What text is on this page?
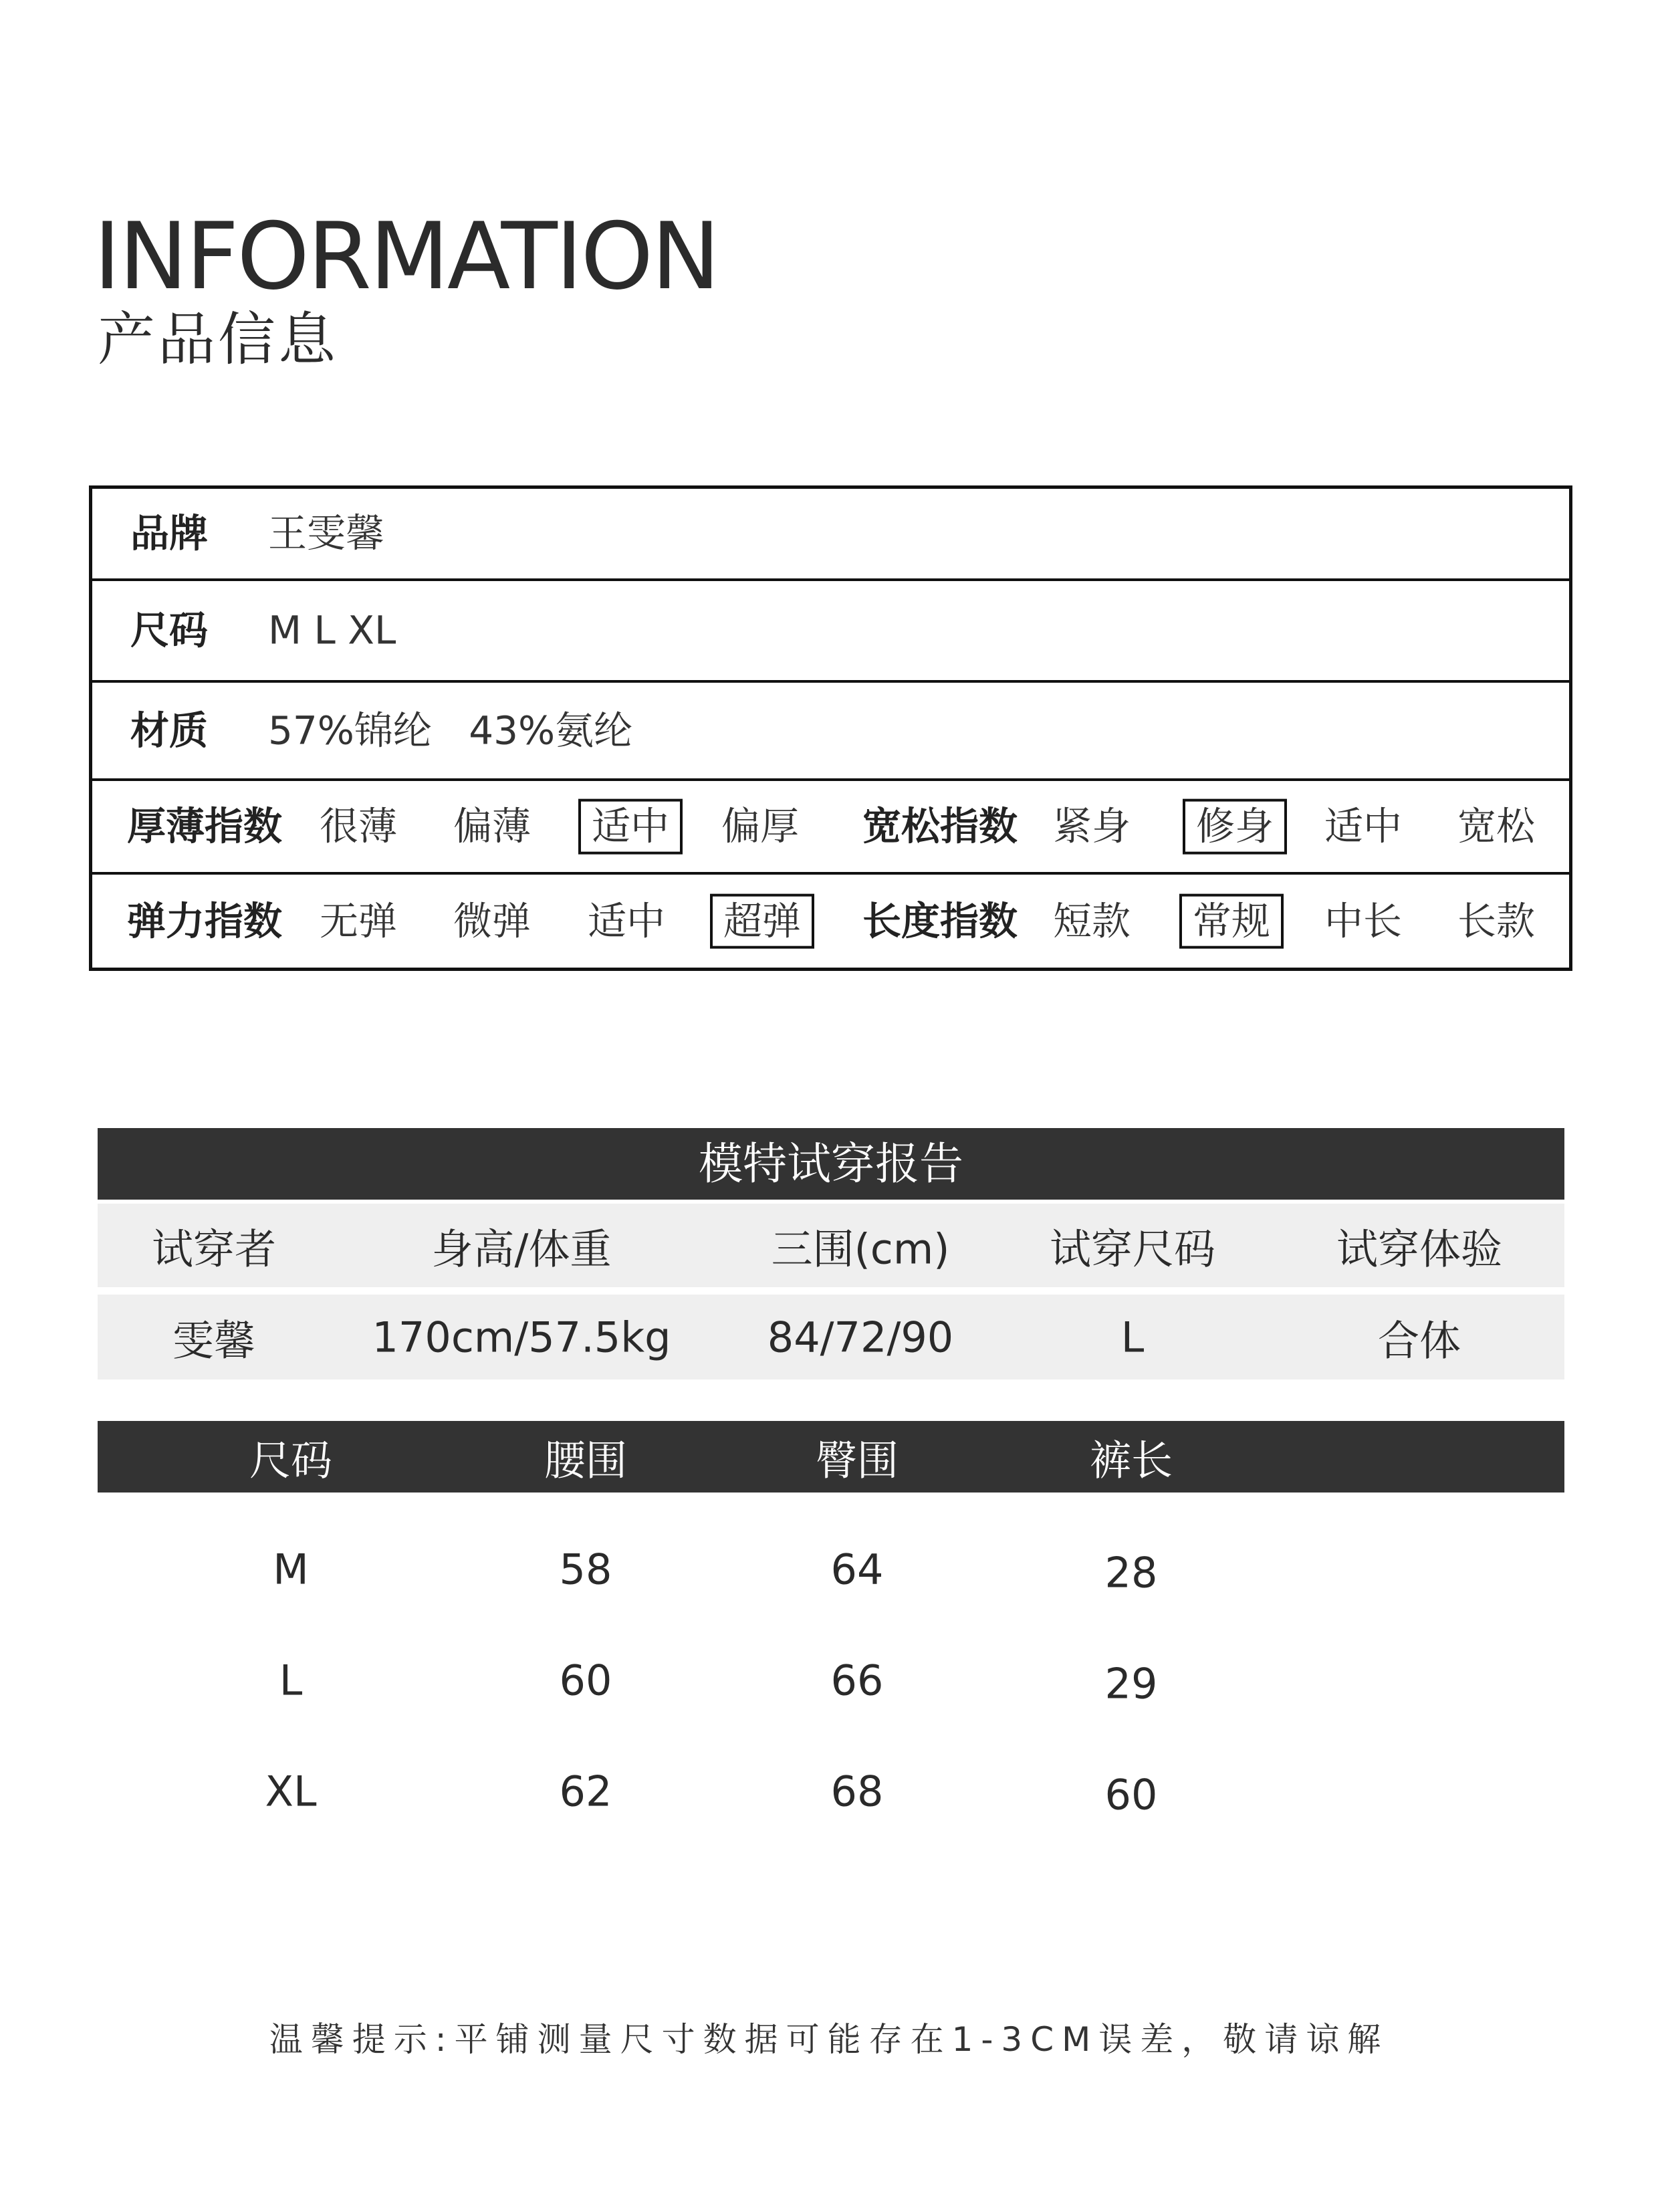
INFORMATION
产品信息
品牌 王雯馨
尺码 M L XL
材质 57%锦纶   43%氨纶
厚薄指数 很薄 偏薄	适中	偏厚 宽松指数 紧身	修身	适中 宽松
弹力指数 无弹 微弹 适中	超弹	长度指数 短款	常规	中长 长款
模特试穿报告
试穿者	身高/体重	三围(cm) 试穿尺码	试穿体验
雯馨	170cm/57.5kg 84/72/90	L	合体
尺码	腰围	臀围	裤长
M	58	64	28
L	60	66	29
XL	62	68	60
温馨提示:平铺测量尺寸数据可能存在1-3CM误差，敬请谅解
